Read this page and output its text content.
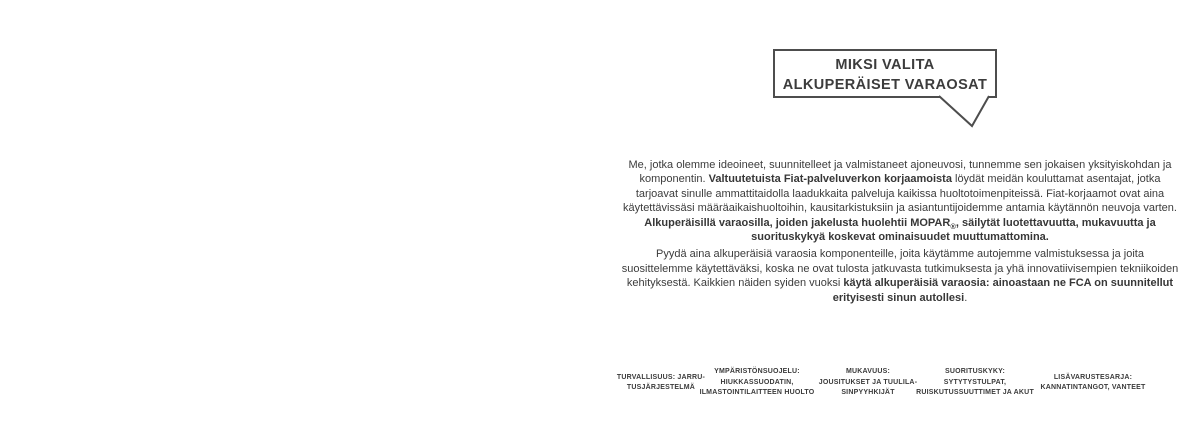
MIKSI VALITA
ALKUPERÄISET VARAOSAT

Me, jotka olemme ideoineet, suunnitelleet ja valmistaneet ajoneuvosi, tunnemme sen jokaisen yksityiskohdan ja komponentin. Valtuutetuista Fiat-palveluverkon korjaamoista löydät meidän kouluttamat asentajat, jotka tarjoavat sinulle ammattitaidolla laadukkaita palveluja kaikissa huoltotoimenpiteissä. Fiat-korjaamot ovat aina käytettävissäsi määräaikaishuoltoihin, kausitarkistuksiin ja asiantuntijoidemme antamia käytännön neuvoja varten.

Alkuperäisillä varaosilla, joiden jakelusta huolehtii $MOPAR_®$, säilytät luotettavuutta, mukavuutta ja suorituskykyä koskevat ominaisuudet muuttumattomina.

Pyydä aina alkuperäisiä varaosia komponenteille, joita käytämme autojemme valmistuksessa ja joita suosittelemme käytettäväksi, koska ne ovat tulosta jatkuvasta tutkimuksesta ja yhä innovatiivisempien tekniikoiden kehityksestä. Kaikkien näiden syiden vuoksi käytä alkuperäisiä varaosia: ainoastaan ne FCA on suunnitellut erityisesti sinun autollesi.

TURVALLISUUS: JARRU-
TUSJÄRJESTELMÄ
YMPÄRISTÖNSUOJELU:
HIUKKASSUODATIN,
ILMASTOINTILAITTEEN HUOLTO
MUKAVUUS:
JOUSITUKSET JA TUULILA-
SINPYYHKIJÄT
SUORITUSKYKY:
SYTYTYSTULPAT,
RUISKUTUSSUUTTIMET JA AKUT
LISÄVARUSTESARJA:
KANNATINTANGOT, VANTEET
